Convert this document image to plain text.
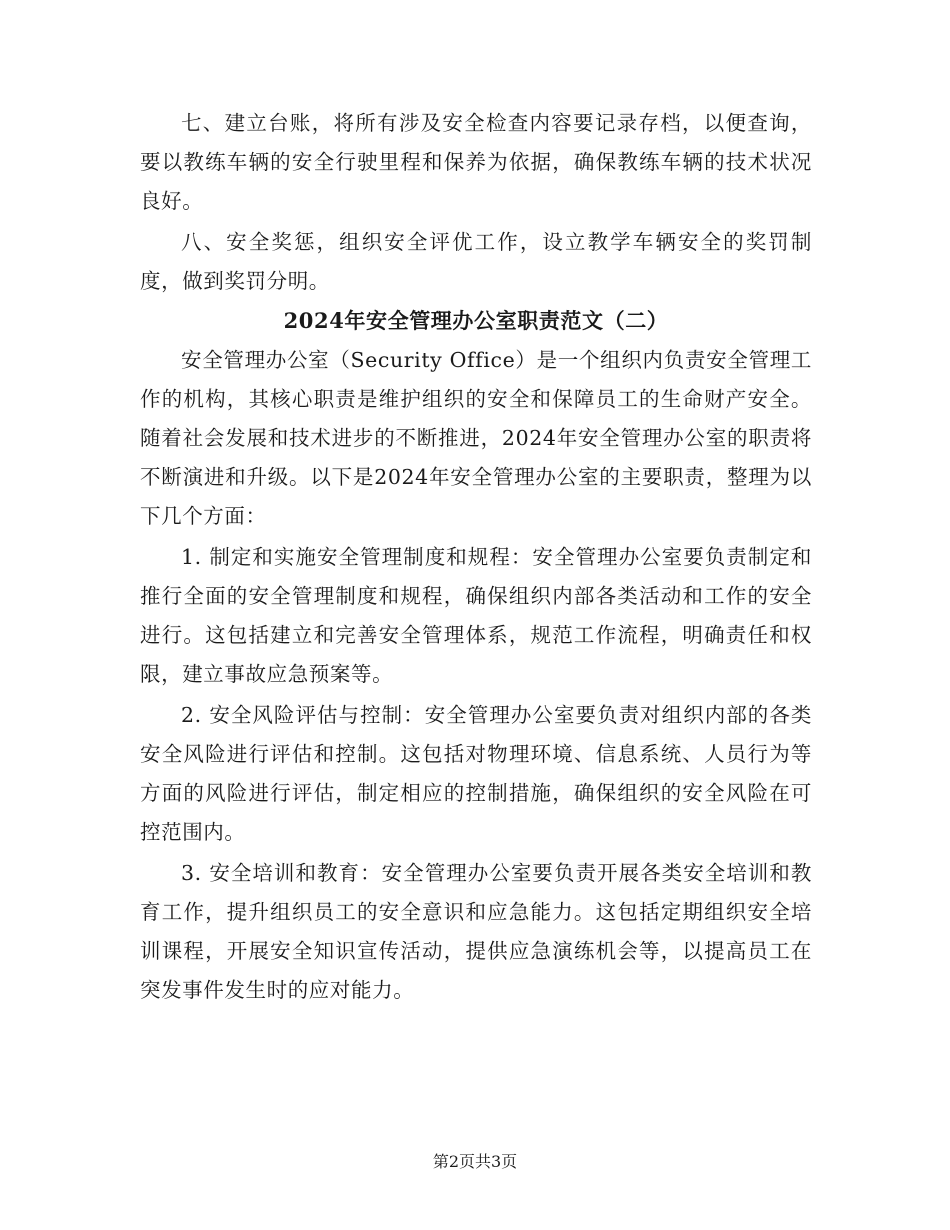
七、建立台账，将所有涉及安全检查内容要记录存档，以便查询，要以教练车辆的安全行驶里程和保养为依据，确保教练车辆的技术状况良好。

八、安全奖惩，组织安全评优工作，设立教学车辆安全的奖罚制度，做到奖罚分明。

2024年安全管理办公室职责范文（二）

安全管理办公室（Security Office）是一个组织内负责安全管理工作的机构，其核心职责是维护组织的安全和保障员工的生命财产安全。随着社会发展和技术进步的不断推进，2024年安全管理办公室的职责将不断演进和升级。以下是2024年安全管理办公室的主要职责，整理为以下几个方面：

1. 制定和实施安全管理制度和规程：安全管理办公室要负责制定和推行全面的安全管理制度和规程，确保组织内部各类活动和工作的安全进行。这包括建立和完善安全管理体系，规范工作流程，明确责任和权限，建立事故应急预案等。

2. 安全风险评估与控制：安全管理办公室要负责对组织内部的各类安全风险进行评估和控制。这包括对物理环境、信息系统、人员行为等方面的风险进行评估，制定相应的控制措施，确保组织的安全风险在可控范围内。

3. 安全培训和教育：安全管理办公室要负责开展各类安全培训和教育工作，提升组织员工的安全意识和应急能力。这包括定期组织安全培训课程，开展安全知识宣传活动，提供应急演练机会等，以提高员工在突发事件发生时的应对能力。

第2页共3页
